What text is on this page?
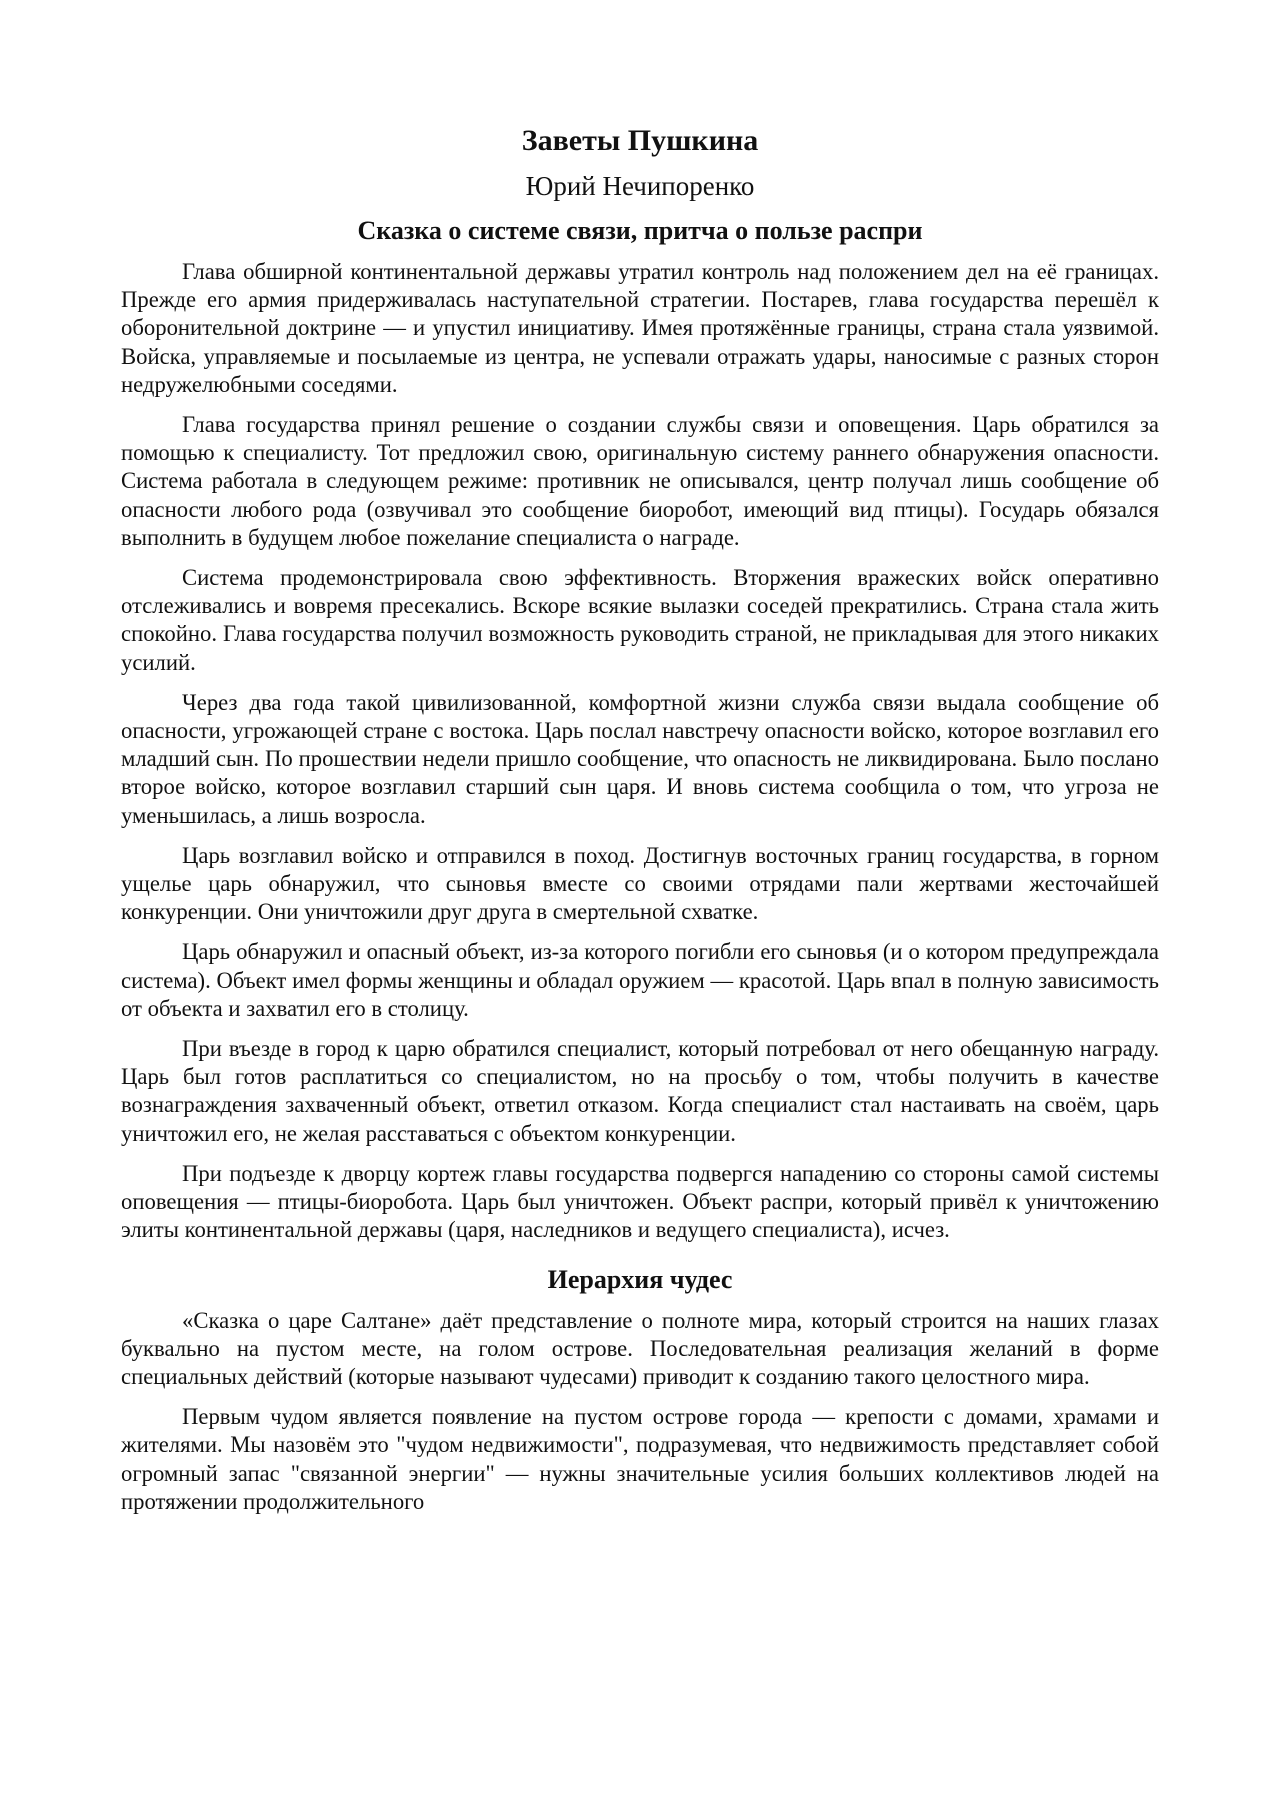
Заветы Пушкина
Юрий Нечипоренко
Сказка о системе связи, притча о пользе распри

Глава обширной континентальной державы утратил контроль над положением дел на её границах. Прежде его армия придерживалась наступательной стратегии. Постарев, глава государства перешёл к оборонительной доктрине — и упустил инициативу. Имея протяжённые границы, страна стала уязвимой. Войска, управляемые и посылаемые из центра, не успевали отражать удары, наносимые с разных сторон недружелюбными соседями.

Глава государства принял решение о создании службы связи и оповещения. Царь обратился за помощью к специалисту. Тот предложил свою, оригинальную систему раннего обнаружения опасности. Система работала в следующем режиме: противник не описывался, центр получал лишь сообщение об опасности любого рода (озвучивал это сообщение биоробот, имеющий вид птицы). Государь обязался выполнить в будущем любое пожелание специалиста о награде.

Система продемонстрировала свою эффективность. Вторжения вражеских войск оперативно отслеживались и вовремя пресекались. Вскоре всякие вылазки соседей прекратились. Страна стала жить спокойно. Глава государства получил возможность руководить страной, не прикладывая для этого никаких усилий.

Через два года такой цивилизованной, комфортной жизни служба связи выдала сообщение об опасности, угрожающей стране с востока. Царь послал навстречу опасности войско, которое возглавил его младший сын. По прошествии недели пришло сообщение, что опасность не ликвидирована. Было послано второе войско, которое возглавил старший сын царя. И вновь система сообщила о том, что угроза не уменьшилась, а лишь возросла.

Царь возглавил войско и отправился в поход. Достигнув восточных границ государства, в горном ущелье царь обнаружил, что сыновья вместе со своими отрядами пали жертвами жесточайшей конкуренции. Они уничтожили друг друга в смертельной схватке.

Царь обнаружил и опасный объект, из-за которого погибли его сыновья (и о котором предупреждала система). Объект имел формы женщины и обладал оружием — красотой. Царь впал в полную зависимость от объекта и захватил его в столицу.

При въезде в город к царю обратился специалист, который потребовал от него обещанную награду. Царь был готов расплатиться со специалистом, но на просьбу о том, чтобы получить в качестве вознаграждения захваченный объект, ответил отказом. Когда специалист стал настаивать на своём, царь уничтожил его, не желая расставаться с объектом конкуренции.

При подъезде к дворцу кортеж главы государства подвергся нападению со стороны самой системы оповещения — птицы-биоробота. Царь был уничтожен. Объект распри, который привёл к уничтожению элиты континентальной державы (царя, наследников и ведущего специалиста), исчез.

Иерархия чудес

«Сказка о царе Салтане» даёт представление о полноте мира, который строится на наших глазах буквально на пустом месте, на голом острове. Последовательная реализация желаний в форме специальных действий (которые называют чудесами) приводит к созданию такого целостного мира.

Первым чудом является появление на пустом острове города — крепости с домами, храмами и жителями. Мы назовём это "чудом недвижимости", подразумевая, что недвижимость представляет собой огромный запас "связанной энергии" — нужны значительные усилия больших коллективов людей на протяжении продолжительного
